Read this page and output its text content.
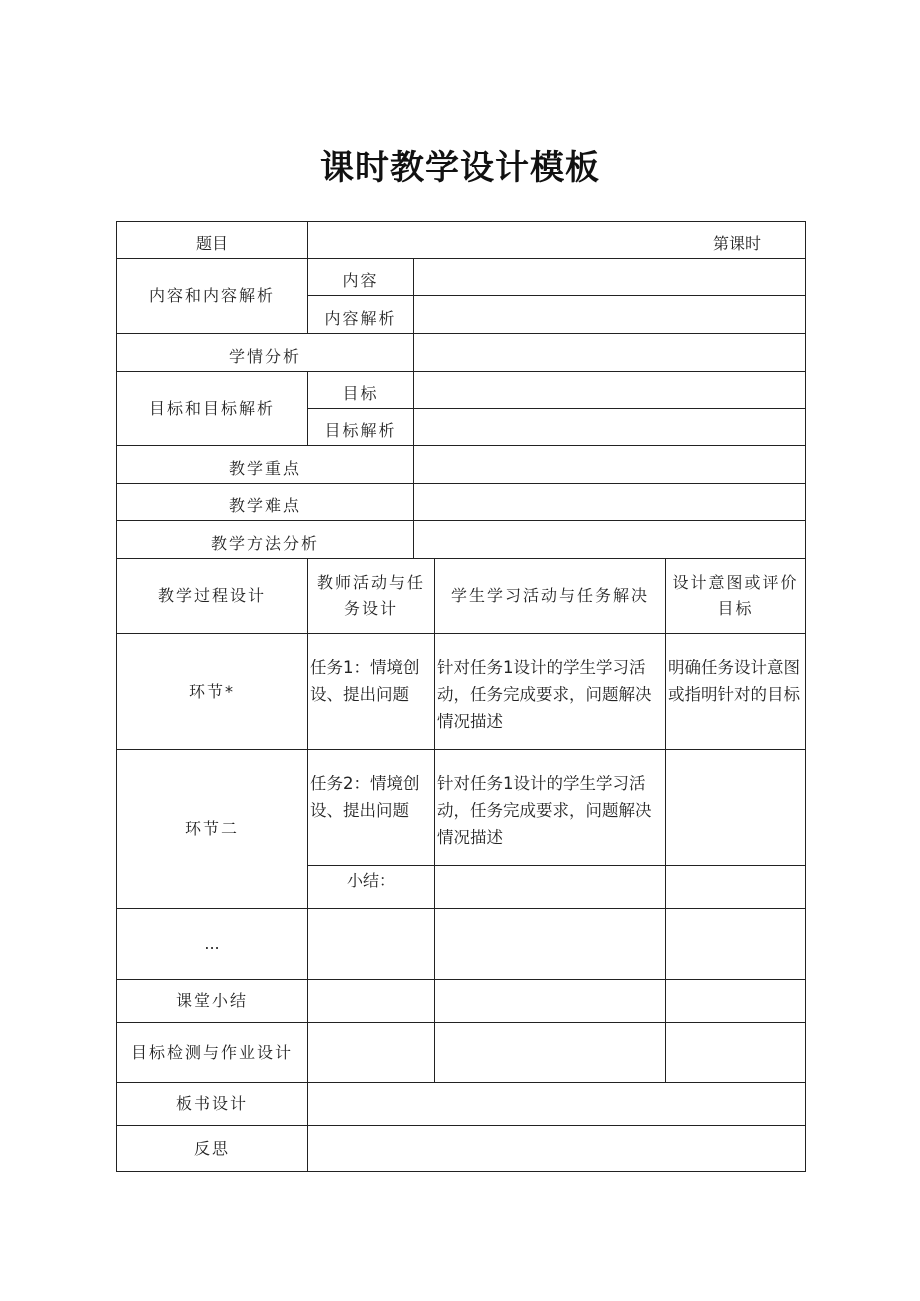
课时教学设计模板
题目	第课时			
内容和内容解析	内容			
	内容解析			
学情分析				
目标和目标解析	目标			
	目标解析			
教学重点				
教学难点				
教学方法分析				
教学过程设计	教师活动与任务设计		学生学习活动与任务解决	设计意图或评价目标
环节*	任务1：情境创设、提出问题		针对任务1设计的学生学习活动，任务完成要求，问题解决情况描述	明确任务设计意图或指明针对的目标
环节二	任务2：情境创设、提出问题		针对任务1设计的学生学习活动，任务完成要求，问题解决情况描述	
	小结：			
...				
课堂小结				
目标检测与作业设计				
板书设计				
反思				
